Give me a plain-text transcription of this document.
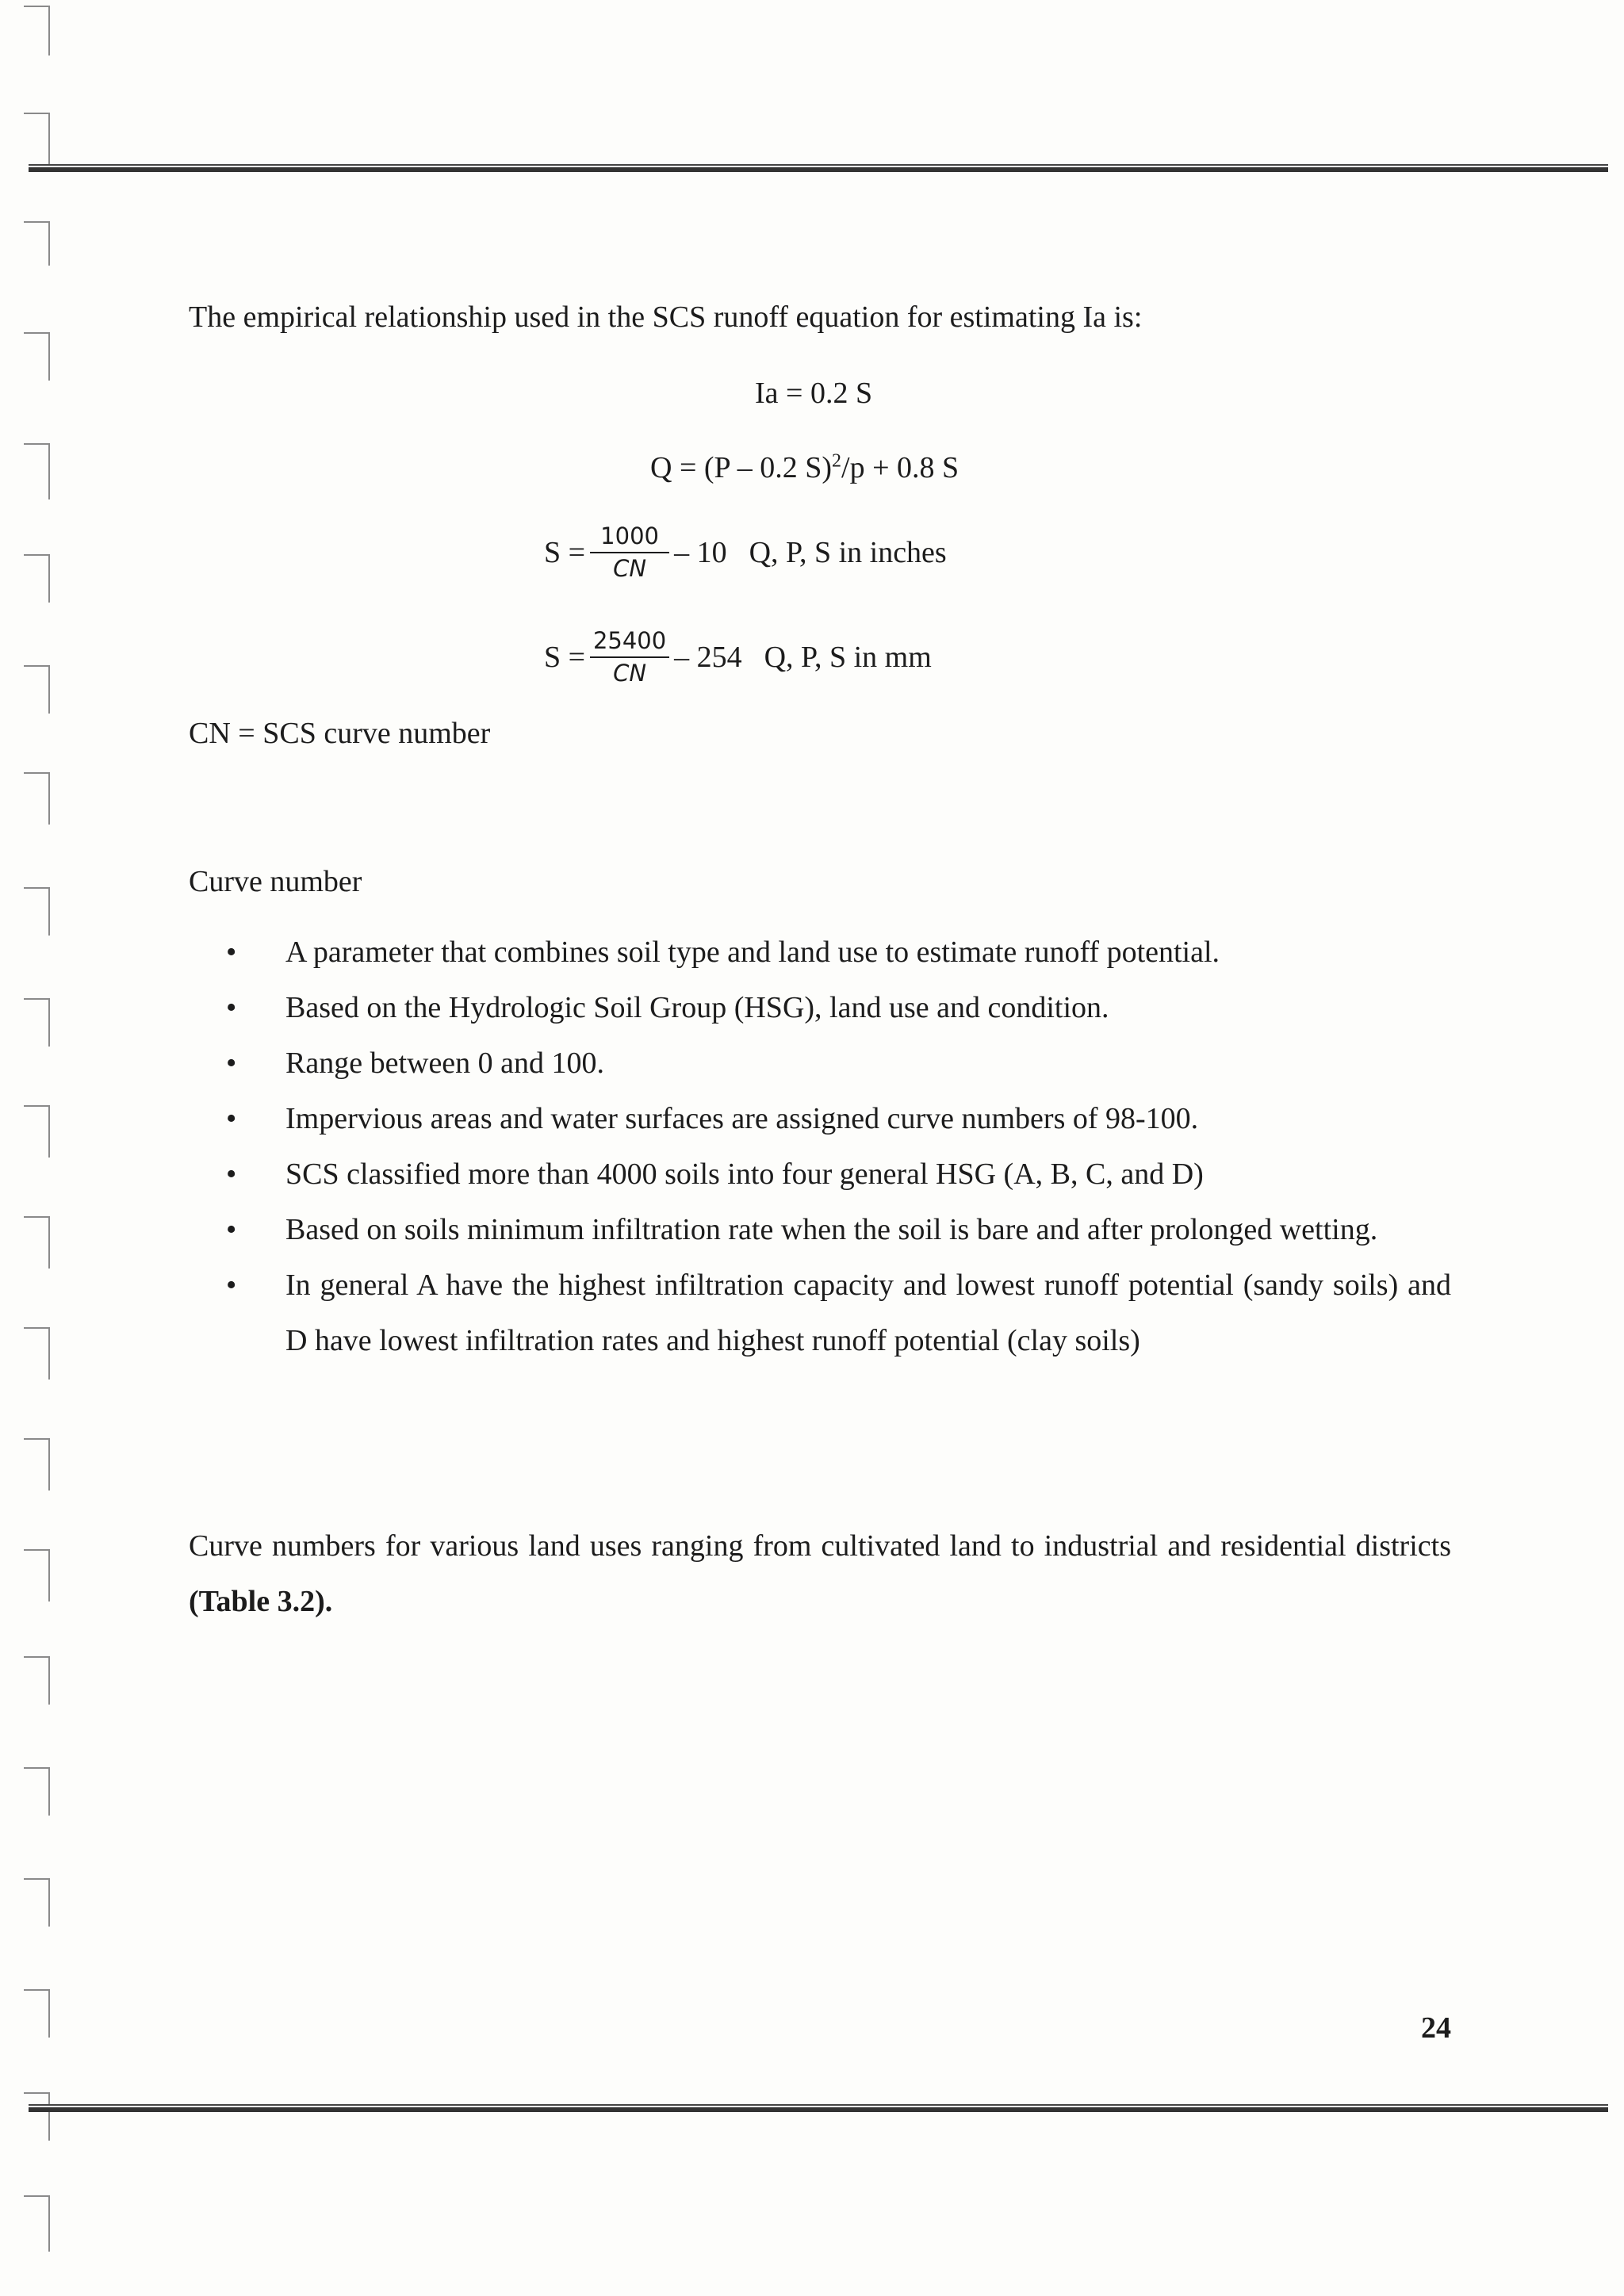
The empirical relationship used in the SCS runoff equation for estimating Ia is:
Ia = 0.2 S
Q = (P – 0.2 S)$^2$/p + 0.8 S
$S = \frac{1000}{CN} - 10$ Q, P, S in inches
$S = \frac{25400}{CN} - 254$ Q, P, S in mm
CN = SCS curve number
Curve number
• A parameter that combines soil type and land use to estimate runoff potential.
• Based on the Hydrologic Soil Group (HSG), land use and condition.
• Range between 0 and 100.
• Impervious areas and water surfaces are assigned curve numbers of 98-100.
• SCS classified more than 4000 soils into four general HSG (A, B, C, and D)
• Based on soils minimum infiltration rate when the soil is bare and after prolonged wetting.
• In general A have the highest infiltration capacity and lowest runoff potential (sandy soils) and D have lowest infiltration rates and highest runoff potential (clay soils)
Curve numbers for various land uses ranging from cultivated land to industrial and residential districts (Table 3.2).
24
